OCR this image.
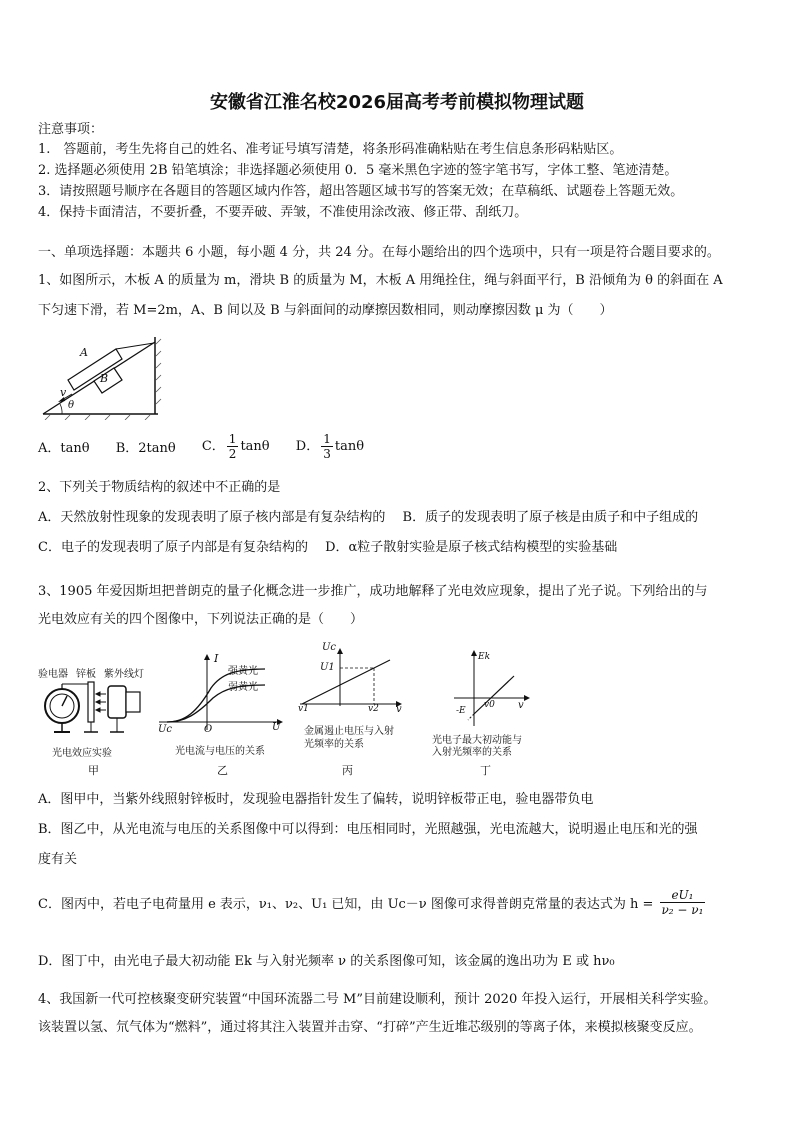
安徽省江淮名校2026届高考考前模拟物理试题
注意事项：
1.　答题前，考生先将自己的姓名、准考证号填写清楚，将条形码准确粘贴在考生信息条形码粘贴区。
2. 选择题必须使用 2B 铅笔填涂；非选择题必须使用 0．5 毫米黑色字迹的签字笔书写，字体工整、笔迹清楚。
3．请按照题号顺序在各题目的答题区域内作答，超出答题区域书写的答案无效；在草稿纸、试题卷上答题无效。
4．保持卡面清洁，不要折叠，不要弄破、弄皱，不准使用涂改液、修正带、刮纸刀。
一、单项选择题：本题共 6 小题，每小题 4 分，共 24 分。在每小题给出的四个选项中，只有一项是符合题目要求的。
1、如图所示，木板 A 的质量为 m，滑块 B 的质量为 M，木板 A 用绳拴住，绳与斜面平行，B 沿倾角为 θ 的斜面在 A
下匀速下滑，若 M=2m，A、B 间以及 B 与斜面间的动摩擦因数相同，则动摩擦因数 μ 为（　　）
A
B
v
θ
A．tanθ B．2tanθ C． $\frac{1}{2}$ tanθ D． $\frac{1}{3}$ tanθ
2、下列关于物质结构的叙述中不正确的是
A．天然放射性现象的发现表明了原子核内部是有复杂结构的　 B．质子的发现表明了原子核是由质子和中子组成的
C．电子的发现表明了原子内部是有复杂结构的　 D．α粒子散射实验是原子核式结构模型的实验基础
3、1905 年爱因斯坦把普朗克的量子化概念进一步推广，成功地解释了光电效应现象，提出了光子说。下列给出的与
光电效应有关的四个图像中，下列说法正确的是（　　）
验电器 锌板 紫外线灯
光电效应实验
甲
I
强黄光
弱黄光
Uc	O	U
光电流与电压的关系
乙
Uc
U1
v1	v2 v
金属遏止电压与入射
光频率的关系
丙
Ek
-E
v0 v
光电子最大初动能与
入射光频率的关系
丁
A．图甲中，当紫外线照射锌板时，发现验电器指针发生了偏转，说明锌板带正电，验电器带负电
B．图乙中，从光电流与电压的关系图像中可以得到：电压相同时，光照越强，光电流越大，说明遏止电压和光的强
度有关
C．图丙中，若电子电荷量用 e 表示，ν₁、ν₂、U₁ 已知，由 Uc－ν 图像可求得普朗克常量的表达式为 $h = \frac{\text{eU₁}}{\text{ν₂ − ν₁}}$
D．图丁中，由光电子最大初动能 Ek 与入射光频率 ν 的关系图像可知，该金属的逸出功为 E 或 hν₀
4、我国新一代可控核聚变研究装置“中国环流器二号 M”目前建设顺利，预计 2020 年投入运行，开展相关科学实验。
该装置以氢、氘气体为“燃料”，通过将其注入装置并击穿、“打碎”产生近堆芯级别的等离子体，来模拟核聚变反应。
